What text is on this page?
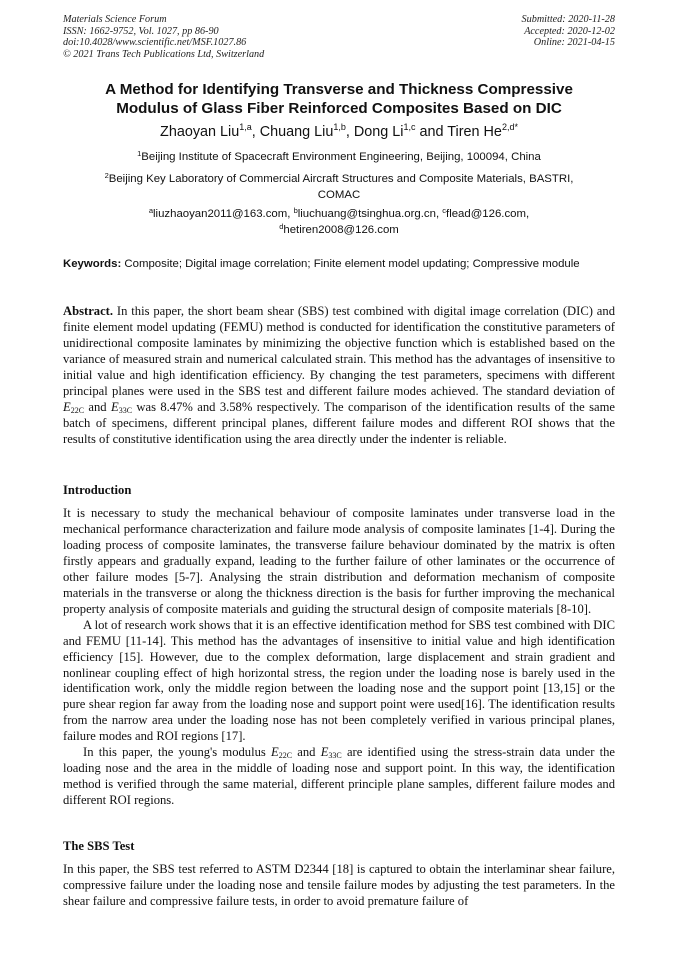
Materials Science Forum
ISSN: 1662-9752, Vol. 1027, pp 86-90
doi:10.4028/www.scientific.net/MSF.1027.86
© 2021 Trans Tech Publications Ltd, Switzerland
Submitted: 2020-11-28
Accepted: 2020-12-02
Online: 2021-04-15
A Method for Identifying Transverse and Thickness Compressive
Modulus of Glass Fiber Reinforced Composites Based on DIC
Zhaoyan Liu$^{1,a}$, Chuang Liu$^{1,b}$, Dong Li$^{1,c}$ and Tiren $He^{2,d*}$
$^1$Beijing Institute of Spacecraft Environment Engineering, Beijing, 100094, China
$^2$Beijing Key Laboratory of Commercial Aircraft Structures and Composite Materials, BASTRI,
COMAC
$^a$liuzhaoyan2011@163.com, $^b$liuchuang@tsinghua.org.cn, $^c$flead@126.com,
$^d$hetiren2008@126.com
Keywords: Composite; Digital image correlation; Finite element model updating; Compressive module

Abstract. In this paper, the short beam shear (SBS) test combined with digital image correlation (DIC) and finite element model updating (FEMU) method is conducted for identification the constitutive parameters of unidirectional composite laminates by minimizing the objective function which is established based on the variance of measured strain and numerical calculated strain. This method has the advantages of insensitive to initial value and high identification efficiency. By changing the test parameters, specimens with different principal planes were used in the SBS test and different failure modes achieved. The standard deviation of $E_{22C}$ and $E_{33C}$ was 8.47% and 3.58% respectively. The comparison of the identification results of the same batch of specimens, different principal planes, different failure modes and different ROI shows that the results of constitutive identification using the area directly under the indenter is reliable.

Introduction

It is necessary to study the mechanical behaviour of composite laminates under transverse load in the mechanical performance characterization and failure mode analysis of composite laminates [1-4]. During the loading process of composite laminates, the transverse failure behaviour dominated by the matrix is often firstly appears and gradually expand, leading to the further failure of other laminates or the occurrence of other failure modes [5-7]. Analysing the strain distribution and deformation mechanism of composite materials in the transverse or along the thickness direction is the basis for further improving the mechanical property analysis of composite materials and guiding the structural design of composite materials [8-10].

A lot of research work shows that it is an effective identification method for SBS test combined with DIC and FEMU [11-14]. This method has the advantages of insensitive to initial value and high identification efficiency [15]. However, due to the complex deformation, large displacement and strain gradient and nonlinear coupling effect of high horizontal stress, the region under the loading nose is barely used in the identification work, only the middle region between the loading nose and the support point [13,15] or the pure shear region far away from the loading nose and support point were used[16]. The identification results from the narrow area under the loading nose has not been completely verified in various principal planes, failure modes and ROI regions [17].

In this paper, the young's modulus $E_{22C}$ and $E_{33C}$ are identified using the stress-strain data under the loading nose and the area in the middle of loading nose and support point. In this way, the identification method is verified through the same material, different principle plane samples, different failure modes and different ROI regions.

The SBS Test

In this paper, the SBS test referred to ASTM D2344 [18] is captured to obtain the interlaminar shear failure, compressive failure under the loading nose and tensile failure modes by adjusting the test parameters. In the shear failure and compressive failure tests, in order to avoid premature failure of
